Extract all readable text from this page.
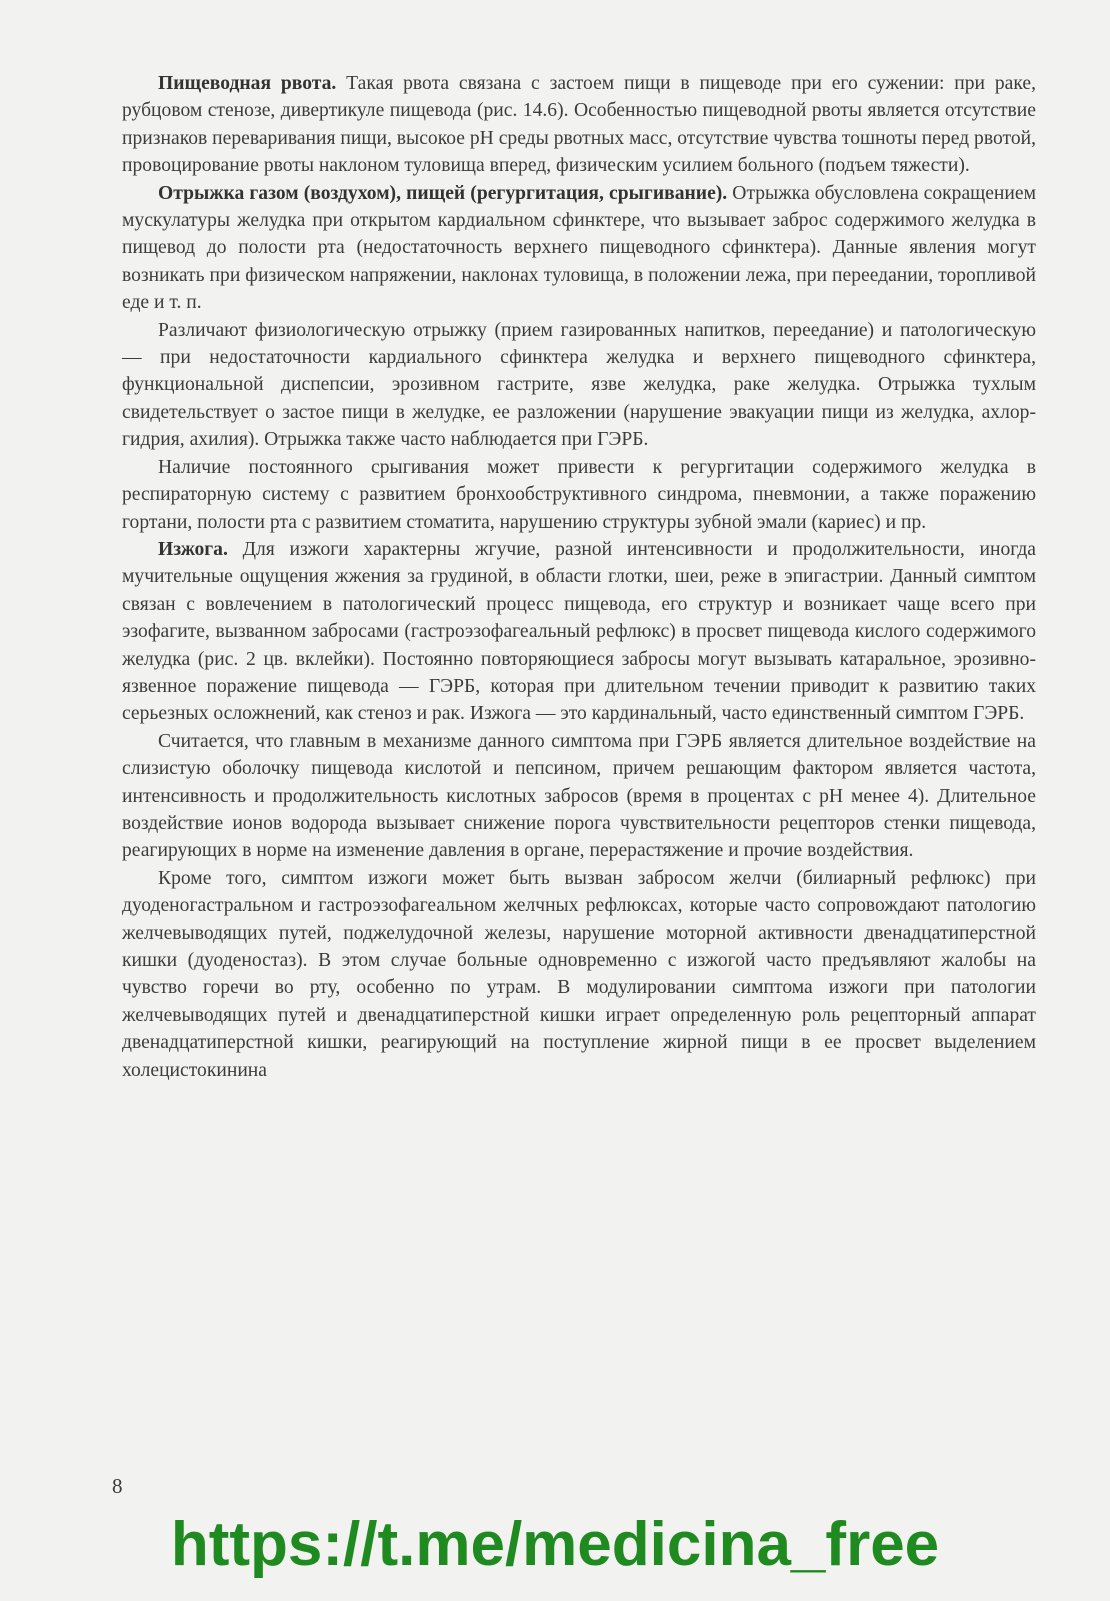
Пищеводная рвота. Такая рвота связана с застоем пищи в пищеводе при его сужении: при раке, рубцовом стенозе, дивертикуле пищевода (рис. 14.6). Особенностью пищеводной рвоты является отсутствие признаков переваривания пищи, высокое pH среды рвотных масс, отсутствие чувства тошноты перед рвотой, провоцирование рвоты наклоном туловища вперед, физическим усилием больного (подъем тяжести).

Отрыжка газом (воздухом), пищей (регургитация, срыгивание). Отрыжка обусловлена сокращением мускулатуры желудка при открытом кардиальном сфинктере, что вызывает заброс содержимого желудка в пищевод до полости рта (недостаточность верхнего пищеводного сфинктера). Данные явления могут возникать при физическом напряжении, наклонах туловища, в положении лежа, при переедании, торопливой еде и т. п.

Различают физиологическую отрыжку (прием газированных напитков, переедание) и патологическую — при недостаточности кардиального сфинктера желудка и верхнего пищеводного сфинктера, функциональной диспепсии, эрозивном гастрите, язве желудка, раке желудка. Отрыжка тухлым свидетельствует о застое пищи в желудке, ее разложении (нарушение эвакуации пищи из желудка, ахлоргидрия, ахилия). Отрыжка также часто наблюдается при ГЭРБ.

Наличие постоянного срыгивания может привести к регургитации содержимого желудка в респираторную систему с развитием бронхообструктивного синдрома, пневмонии, а также поражению гортани, полости рта с развитием стоматита, нарушению структуры зубной эмали (кариес) и пр.

Изжога. Для изжоги характерны жгучие, разной интенсивности и продолжительности, иногда мучительные ощущения жжения за грудиной, в области глотки, шеи, реже в эпигастрии. Данный симптом связан с вовлечением в патологический процесс пищевода, его структур и возникает чаще всего при эзофагите, вызванном забросами (гастроэзофагеальный рефлюкс) в просвет пищевода кислого содержимого желудка (рис. 2 цв. вклейки). Постоянно повторяющиеся забросы могут вызывать катаральное, эрозивно-язвенное поражение пищевода — ГЭРБ, которая при длительном течении приводит к развитию таких серьезных осложнений, как стеноз и рак. Изжога — это кардинальный, часто единственный симптом ГЭРБ.

Считается, что главным в механизме данного симптома при ГЭРБ является длительное воздействие на слизистую оболочку пищевода кислотой и пепсином, причем решающим фактором является частота, интенсивность и продолжительность кислотных забросов (время в процентах с pH менее 4). Длительное воздействие ионов водорода вызывает снижение порога чувствительности рецепторов стенки пищевода, реагирующих в норме на изменение давления в органе, перерастяжение и прочие воздействия.

Кроме того, симптом изжоги может быть вызван забросом желчи (билиарный рефлюкс) при дуоденогастральном и гастроэзофагеальном желчных рефлюксах, которые часто сопровождают патологию желчевыводящих путей, поджелудочной железы, нарушение моторной активности двенадцатиперстной кишки (дуоденостаз). В этом случае больные одновременно с изжогой часто предъявляют жалобы на чувство горечи во рту, особенно по утрам. В модулировании симптома изжоги при патологии желчевыводящих путей и двенадцатиперстной кишки играет определенную роль рецепторный аппарат двенадцатиперстной кишки, реагирующий на поступление жирной пищи в ее просвет выделением холецистокинина

8
https://t.me/medicina_free
